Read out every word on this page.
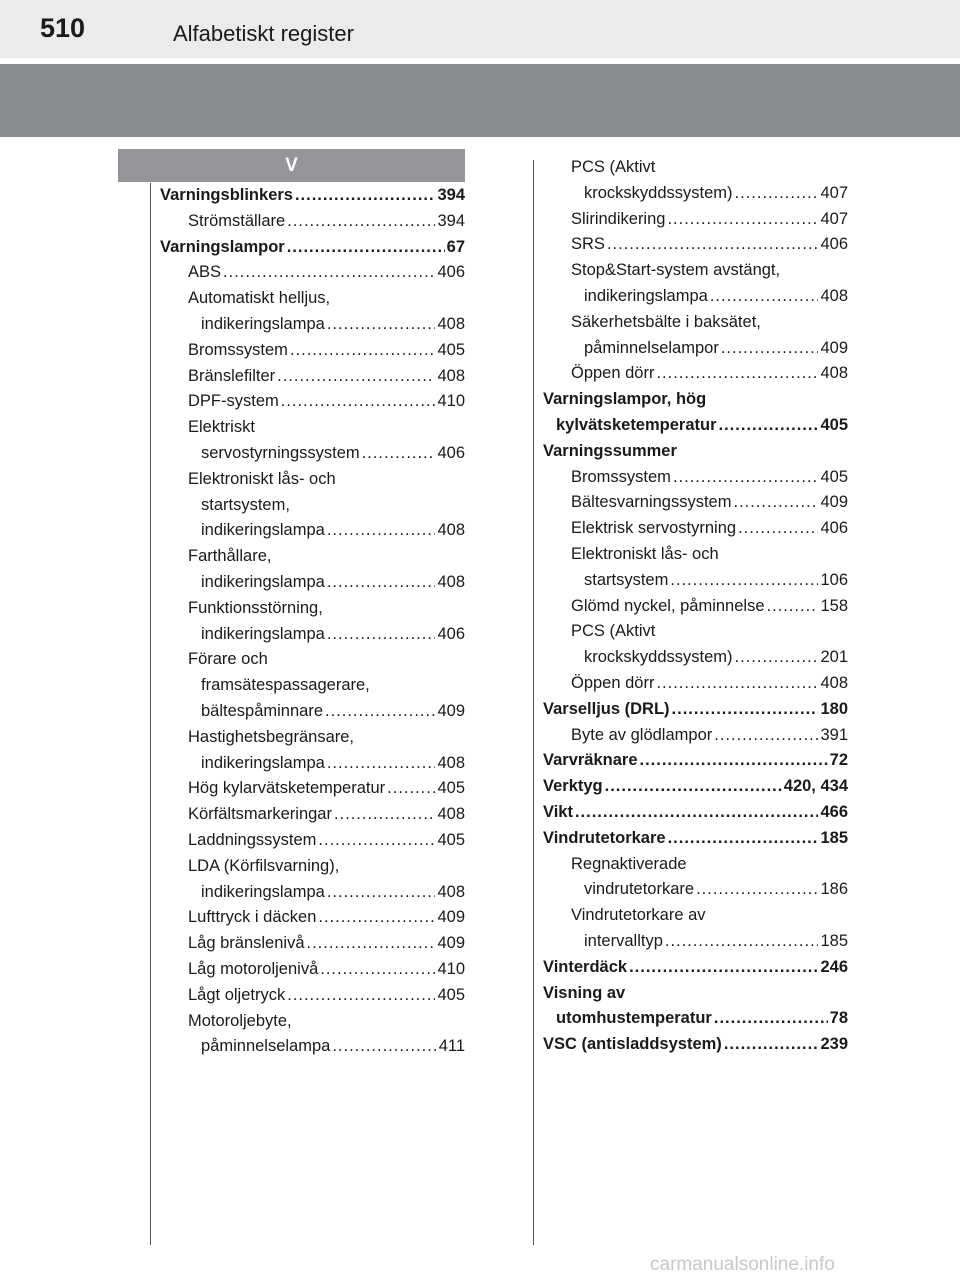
510	Alfabetiskt register
V
Varningsblinkers .....	394
Strömställare .....	394
Varningslampor .....	67
ABS .....	406
Automatiskt helljus,
indikeringslampa .....	408
Bromssystem .....	405
Bränslefilter .....	408
DPF-system .....	410
Elektriskt
servostyrningssystem .....	406
Elektroniskt lås- och
startsystem,
indikeringslampa .....	408
Farthållare,
indikeringslampa .....	408
Funktionsstörning,
indikeringslampa .....	406
Förare och
framsätespassagerare,
bältespåminnare .....	409
Hastighetsbegränsare,
indikeringslampa .....	408
Hög kylarvätsketemperatur .....	405
Körfältsmarkeringar .....	408
Laddningssystem .....	405
LDA (Körfilsvarning),
indikeringslampa .....	408
Lufttryck i däcken .....	409
Låg bränslenivå .....	409
Låg motoroljenivå .....	410
Lågt oljetryck .....	405
Motoroljebyte,
påminnelselampa .....	411
PCS (Aktivt
krockskyddssystem) .....	407
Slirindikering .....	407
SRS .....	406
Stop&Start-system avstängt,
indikeringslampa .....	408
Säkerhetsbälte i baksätet,
påminnelselampor .....	409
Öppen dörr .....	408
Varningslampor, hög
kylvätsketemperatur .....	405
Varningssummer
Bromssystem .....	405
Bältesvarningssystem .....	409
Elektrisk servostyrning .....	406
Elektroniskt lås- och
startsystem .....	106
Glömd nyckel, påminnelse .....	158
PCS (Aktivt
krockskyddssystem) .....	201
Öppen dörr .....	408
Varselljus (DRL) .....	180
Byte av glödlampor .....	391
Varvräknare .....	72
Verktyg .....	420, 434
Vikt .....	466
Vindrutetorkare .....	185
Regnaktiverade
vindrutetorkare .....	186
Vindrutetorkare av
intervalltyp .....	185
Vinterdäck .....	246
Visning av
utomhustemperatur .....	78
VSC (antisladdsystem) .....	239
carmanualsonline.info
